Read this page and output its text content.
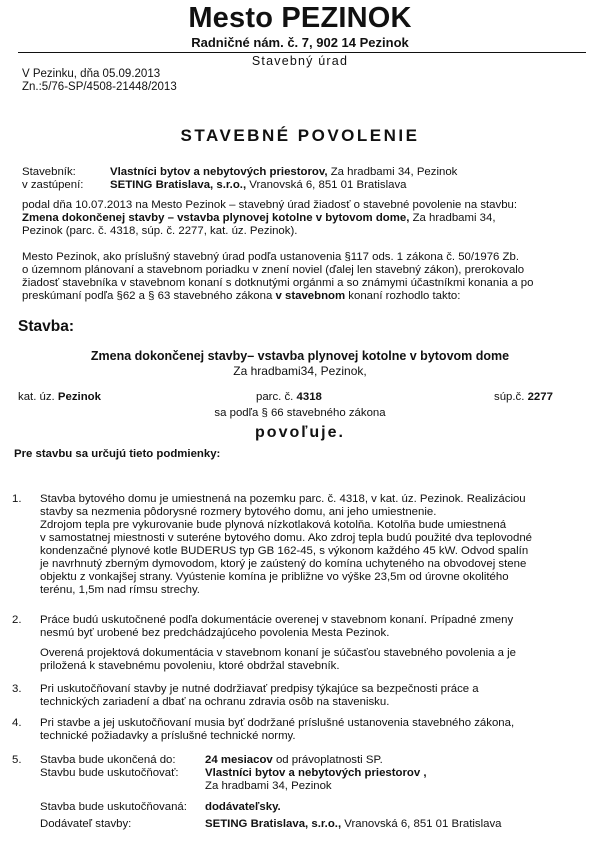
Mesto PEZINOK
Radničné nám. č. 7, 902 14 Pezinok
Stavebný úrad
V Pezinku, dňa 05.09.2013
Zn.:5/76-SP/4508-21448/2013
STAVEBNÉ POVOLENIE
Stavebník:	Vlastníci bytov a nebytových priestorov, Za hradbami 34, Pezinok
v zastúpení: SETING Bratislava, s.r.o., Vranovská 6, 851 01 Bratislava
podal dňa 10.07.2013 na Mesto Pezinok – stavebný úrad žiadosť o stavebné povolenie na stavbu:
Zmena dokončenej stavby – vstavba plynovej kotolne v bytovom dome, Za hradbami 34,
Pezinok (parc. č. 4318, súp. č. 2277, kat. úz. Pezinok).
Mesto Pezinok, ako príslušný stavebný úrad podľa ustanovenia §117 ods. 1 zákona č. 50/1976 Zb.
o územnom plánovaní a stavebnom poriadku v znení noviel (ďalej len stavebný zákon), prerokovalo
žiadosť stavebníka v stavebnom konaní s dotknutými orgánmi a so známymi účastníkmi konania a po
preskúmaní podľa §62 a § 63 stavebného zákona v stavebnom konaní rozhodlo takto:
Stavba:
Zmena dokončenej stavby– vstavba plynovej kotolne v bytovom dome
Za hradbami34, Pezinok,
kat. úz. Pezinok	parc. č. 4318	súp.č. 2277
sa podľa § 66 stavebného zákona
povoľuje.
Pre stavbu sa určujú tieto podmienky:
1. Stavba bytového domu je umiestnená na pozemku parc. č. 4318, v kat. úz. Pezinok. Realizáciou
stavby sa nezmenia pôdorysné rozmery bytového domu, ani jeho umiestnenie.
Zdrojom tepla pre vykurovanie bude plynová nízkotlaková kotolňa. Kotolňa bude umiestnená
v samostatnej miestnosti v suteréne bytového domu. Ako zdroj tepla budú použité dva teplovodné
kondenzačné plynové kotle BUDERUS typ GB 162-45, s výkonom každého 45 kW. Odvod spalín
je navrhnutý zberným dymovodom, ktorý je zaústený do komína uchyteného na obvodovej stene
objektu z vonkajšej strany. Vyústenie komína je približne vo výške 23,5m od úrovne okolitého
terénu, 1,5m nad rímsu strechy.
2. Práce budú uskutočnené podľa dokumentácie overenej v stavebnom konaní. Prípadné zmeny
nesmú byť urobené bez predchádzajúceho povolenia Mesta Pezinok.
Overená projektová dokumentácia v stavebnom konaní je súčasťou stavebného povolenia a je
priložená k stavebnému povoleniu, ktoré obdržal stavebník.
3. Pri uskutočňovaní stavby je nutné dodržiavať predpisy týkajúce sa bezpečnosti práce a
technických zariadení a dbať na ochranu zdravia osôb na stavenisku.
4. Pri stavbe a jej uskutočňovaní musia byť dodržané príslušné ustanovenia stavebného zákona,
technické požiadavky a príslušné technické normy.
5. Stavba bude ukončená do:	24 mesiacov od právoplatnosti SP.
Stavbu bude uskutočňovať: Vlastníci bytov a nebytových priestorov ,
Za hradbami 34, Pezinok
Stavba bude uskutočňovaná: dodávateľsky.
Dodávateľ stavby:	SETING Bratislava, s.r.o., Vranovská 6, 851 01 Bratislava
